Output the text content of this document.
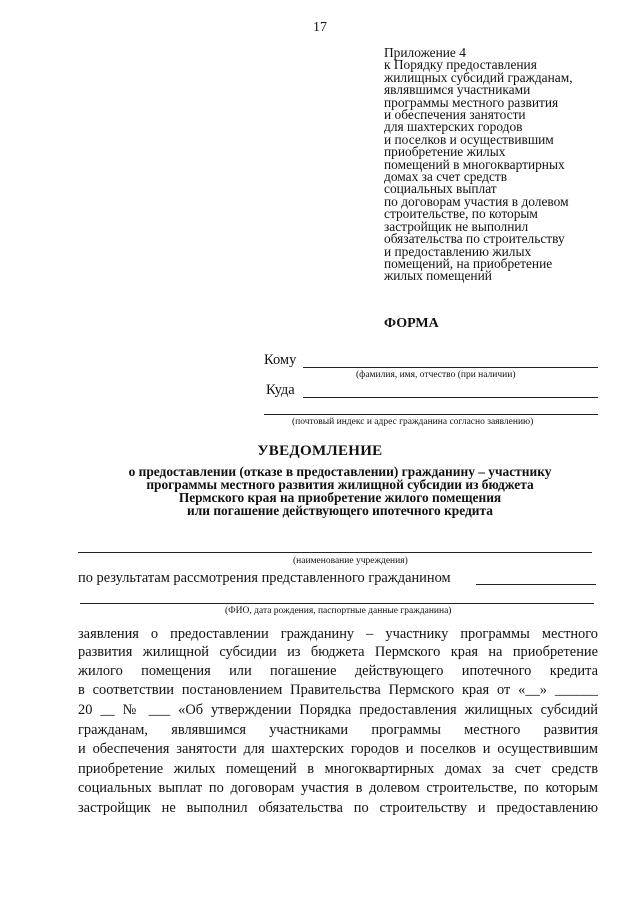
17
Приложение 4
к Порядку предоставления
жилищных субсидий гражданам,
являвшимся участниками
программы местного развития
и обеспечения занятости
для шахтерских городов
и поселков и осуществившим
приобретение жилых
помещений в многоквартирных
домах за счет средств
социальных выплат
по договорам участия в долевом
строительстве, по которым
застройщик не выполнил
обязательства по строительству
и предоставлению жилых
помещений, на приобретение
жилых помещений
ФОРМА
Кому
(фамилия, имя, отчество (при наличии)
Куда
(почтовый индекс и адрес гражданина согласно заявлению)
УВЕДОМЛЕНИЕ
о предоставлении (отказе в предоставлении) гражданину – участнику
программы местного развития жилищной субсидии из бюджета
Пермского края на приобретение жилого помещения
или погашение действующего ипотечного кредита
(наименование учреждения)
по результатам рассмотрения представленного гражданином
(ФИО, дата рождения, паспортные данные гражданина)
заявления о предоставлении гражданину – участнику программы местного
развития жилищной субсидии из бюджета Пермского края на приобретение
жилого помещения или погашение действующего ипотечного кредита
в соответствии постановлением Правительства Пермского края от «__» ______
20 __ № ___ «Об утверждении Порядка предоставления жилищных субсидий
гражданам, являвшимся участниками программы местного развития
и обеспечения занятости для шахтерских городов и поселков и осуществившим
приобретение жилых помещений в многоквартирных домах за счет средств
социальных выплат по договорам участия в долевом строительстве, по которым
застройщик не выполнил обязательства по строительству и предоставлению
